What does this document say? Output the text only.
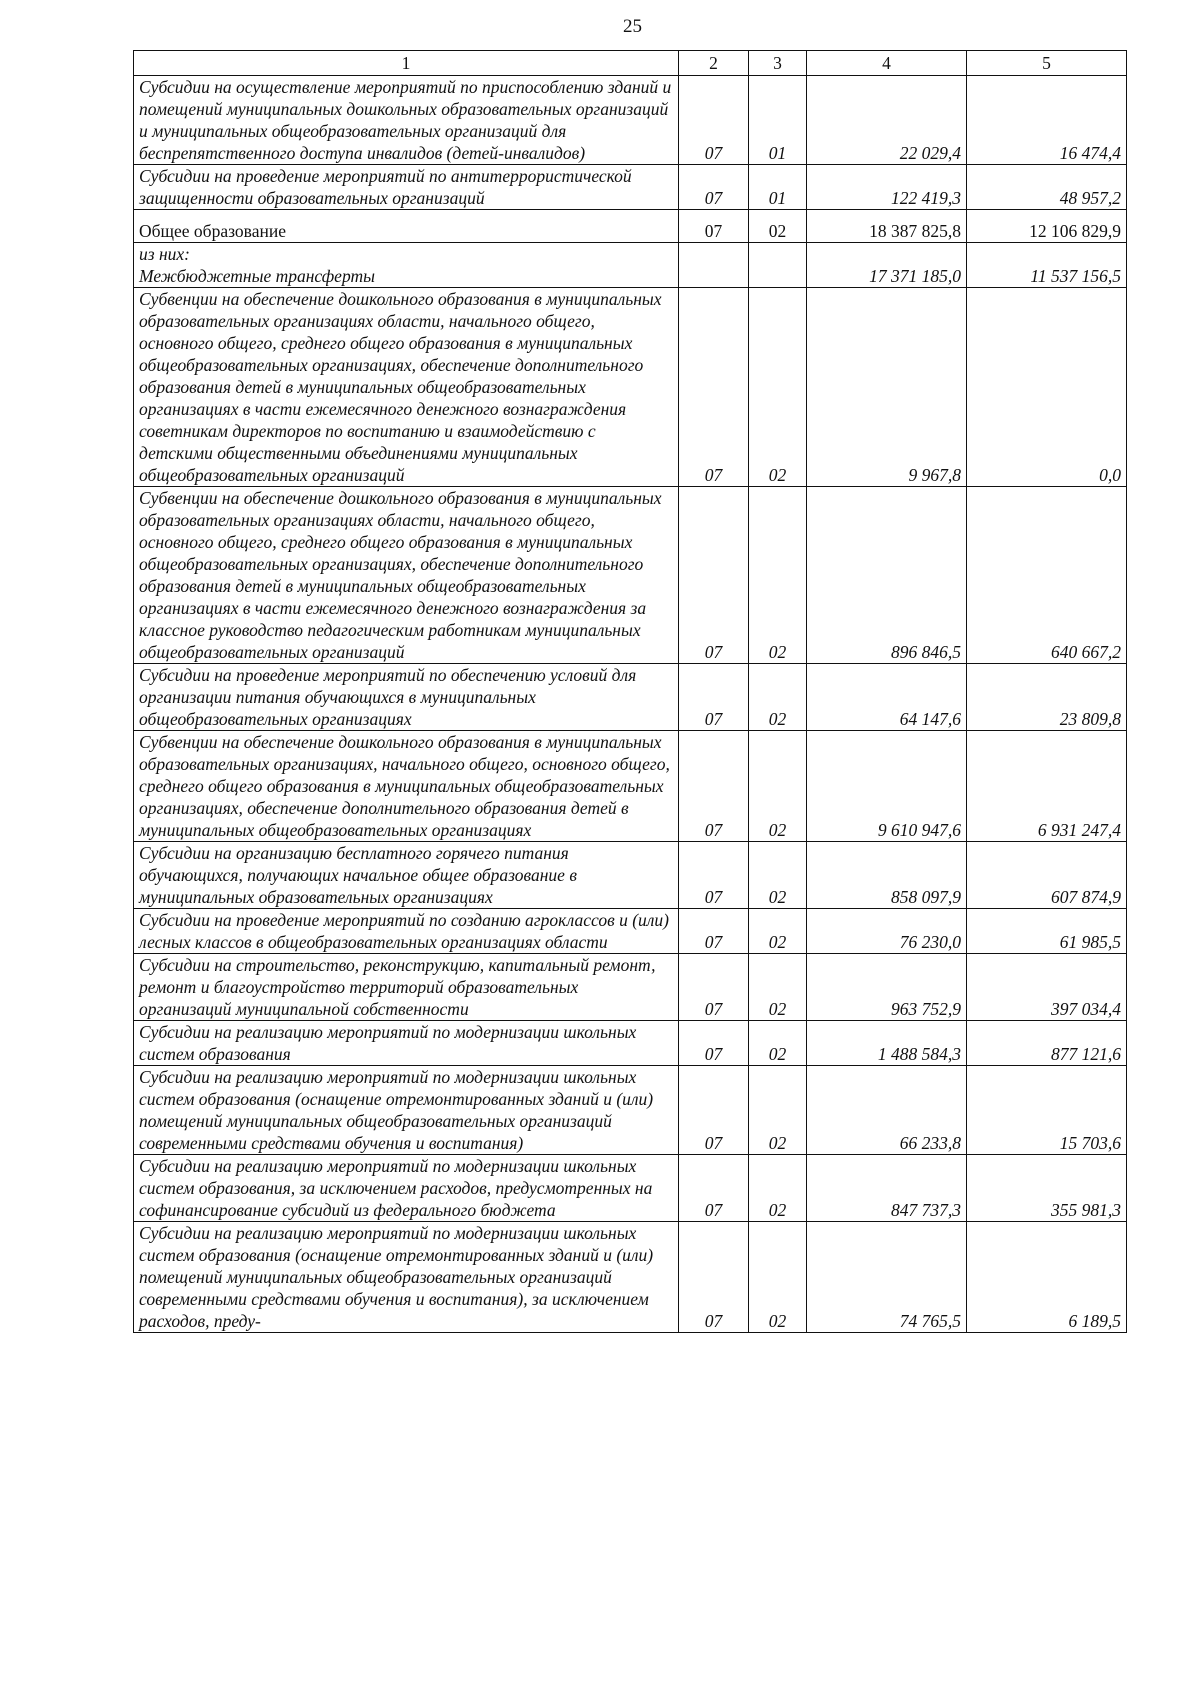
25
1	2	3	4	5
Субсидии на осуществление мероприятий по приспособлению зданий и помещений муниципальных дошкольных образовательных организаций и муниципальных общеобразовательных организаций для беспрепятственного доступа инвалидов (детей-инвалидов)	07	01	22 029,4	16 474,4
Субсидии на проведение мероприятий по антитеррористической защищенности образовательных организаций	07	01	122 419,3	48 957,2
Общее образование	07	02	18 387 825,8	12 106 829,9
из них:
Межбюджетные трансферты			17 371 185,0	11 537 156,5
Субвенции на обеспечение дошкольного образования в муниципальных образовательных организациях области, начального общего, основного общего, среднего общего образования в муниципальных общеобразовательных организациях, обеспечение дополнительного образования детей в муниципальных общеобразовательных организациях в части ежемесячного денежного вознаграждения советникам директоров по воспитанию и взаимодействию с детскими общественными объединениями муниципальных общеобразовательных организаций	07	02	9 967,8	0,0
Субвенции на обеспечение дошкольного образования в муниципальных образовательных организациях области, начального общего, основного общего, среднего общего образования в муниципальных общеобразовательных организациях, обеспечение дополнительного образования детей в муниципальных общеобразовательных организациях в части ежемесячного денежного вознаграждения за классное руководство педагогическим работникам муниципальных общеобразовательных организаций	07	02	896 846,5	640 667,2
Субсидии на проведение мероприятий по обеспечению условий для организации питания обучающихся в муниципальных общеобразовательных организациях	07	02	64 147,6	23 809,8
Субвенции на обеспечение дошкольного образования в муниципальных образовательных организациях, начального общего, основного общего, среднего общего образования в муниципальных общеобразовательных организациях, обеспечение дополнительного образования детей в муниципальных общеобразовательных организациях	07	02	9 610 947,6	6 931 247,4
Субсидии на организацию бесплатного горячего питания обучающихся, получающих начальное общее образование в муниципальных образовательных организациях	07	02	858 097,9	607 874,9
Субсидии на проведение мероприятий по созданию агроклассов и (или) лесных классов в общеобразовательных организациях области	07	02	76 230,0	61 985,5
Субсидии на строительство, реконструкцию, капитальный ремонт, ремонт и благоустройство территорий образовательных организаций муниципальной собственности	07	02	963 752,9	397 034,4
Субсидии на реализацию мероприятий по модернизации школьных систем образования	07	02	1 488 584,3	877 121,6
Субсидии на реализацию мероприятий по модернизации школьных систем образования (оснащение отремонтированных зданий и (или) помещений муниципальных общеобразовательных организаций современными средствами обучения и воспитания)	07	02	66 233,8	15 703,6
Субсидии на реализацию мероприятий по модернизации школьных систем образования, за исключением расходов, предусмотренных на софинансирование субсидий из федерального бюджета	07	02	847 737,3	355 981,3
Субсидии на реализацию мероприятий по модернизации школьных систем образования (оснащение отремонтированных зданий и (или) помещений муниципальных общеобразовательных организаций современными средствами обучения и воспитания), за исключением расходов, преду-	07	02	74 765,5	6 189,5
